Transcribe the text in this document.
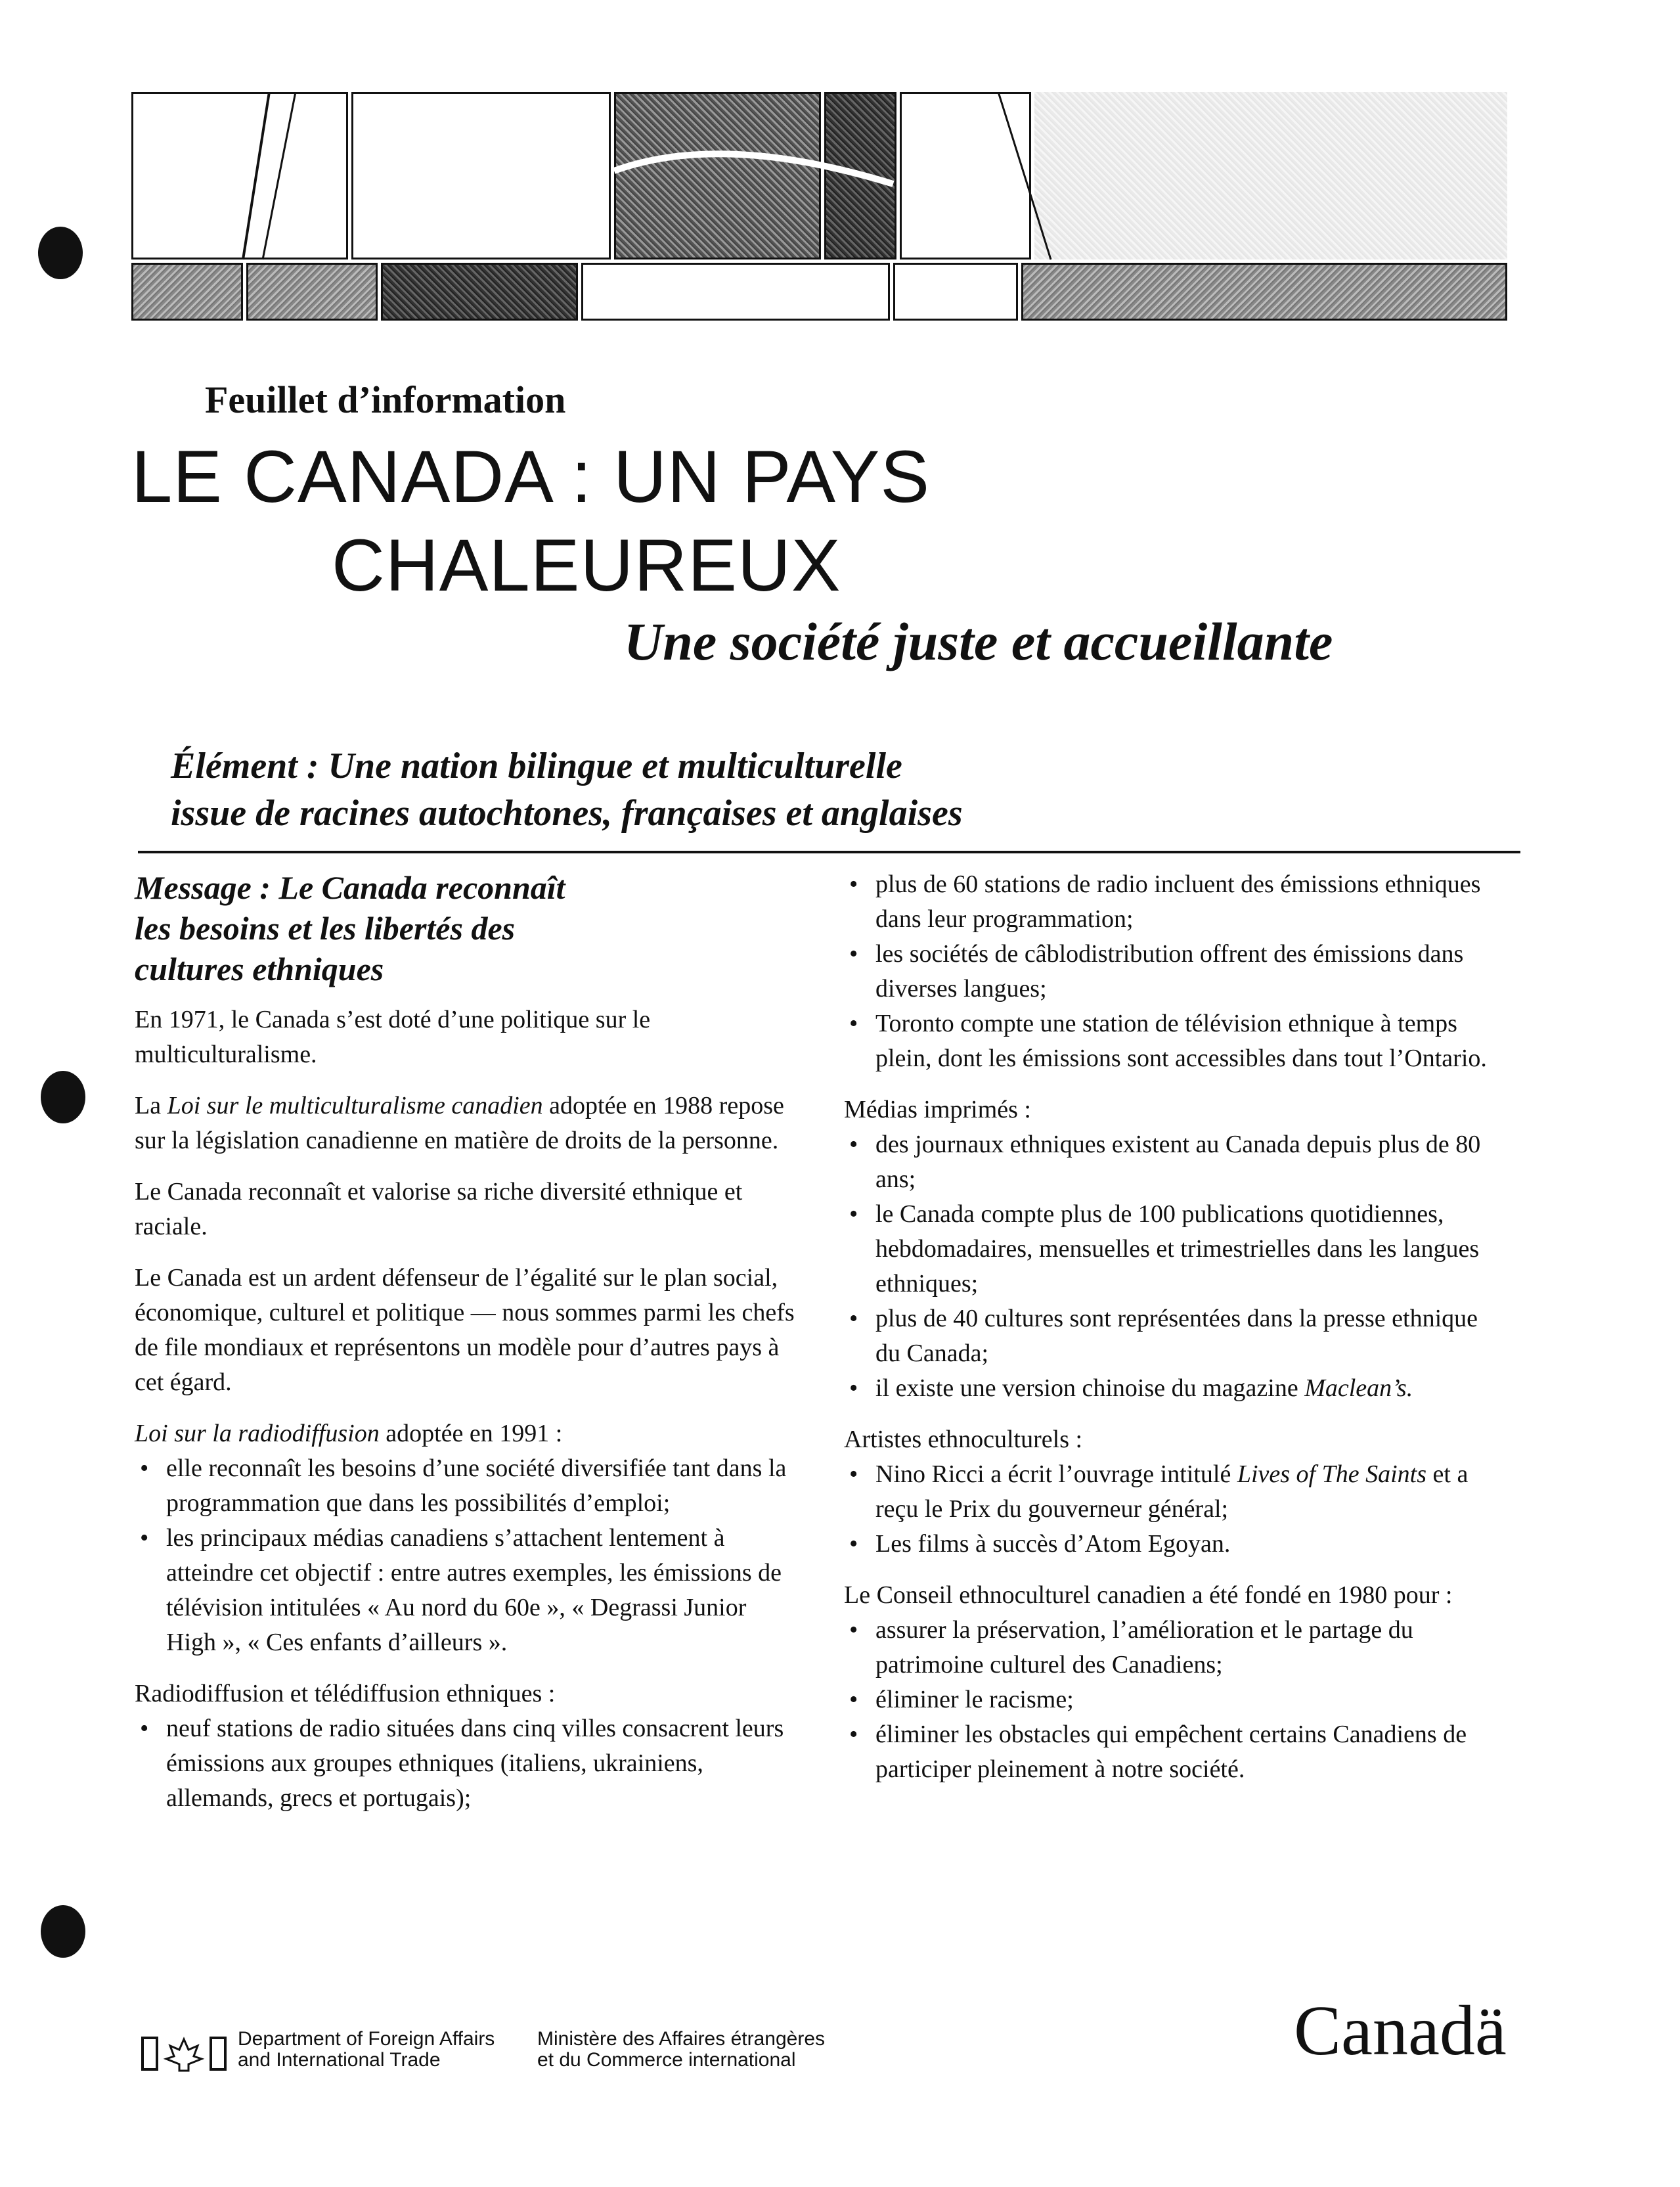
Feuillet d’information
LE CANADA : UN PAYS
CHALEUREUX
Une société juste et accueillante
Élément : Une nation bilingue et multiculturelle
issue de racines autochtones, françaises et anglaises
Message : Le Canada reconnaît
les besoins et les libertés des
cultures ethniques

En 1971, le Canada s’est doté d’une politique sur le multiculturalisme.

La Loi sur le multiculturalisme canadien adoptée en 1988 repose sur la législation canadienne en matière de droits de la personne.

Le Canada reconnaît et valorise sa riche diversité ethnique et raciale.

Le Canada est un ardent défenseur de l’égalité sur le plan social, économique, culturel et politique — nous sommes parmi les chefs de file mondiaux et représentons un modèle pour d’autres pays à cet égard.

Loi sur la radiodiffusion adoptée en 1991 :

• elle reconnaît les besoins d’une société diversifiée tant dans la programmation que dans les possibilités d’emploi;
• les principaux médias canadiens s’attachent lentement à atteindre cet objectif : entre autres exemples, les émissions de télévision intitulées « Au nord du 60e », « Degrassi Junior High », « Ces enfants d’ailleurs ».

Radiodiffusion et télédiffusion ethniques :

• neuf stations de radio situées dans cinq villes consacrent leurs émissions aux groupes ethniques (italiens, ukrainiens, allemands, grecs et portugais);
• plus de 60 stations de radio incluent des émissions ethniques dans leur programmation;
• les sociétés de câblodistribution offrent des émissions dans diverses langues;
• Toronto compte une station de télévision ethnique à temps plein, dont les émissions sont accessibles dans tout l’Ontario.

Médias imprimés :

• des journaux ethniques existent au Canada depuis plus de 80 ans;
• le Canada compte plus de 100 publications quotidiennes, hebdomadaires, mensuelles et trimestrielles dans les langues ethniques;
• plus de 40 cultures sont représentées dans la presse ethnique du Canada;
• il existe une version chinoise du magazine Maclean’s.

Artistes ethnoculturels :

• Nino Ricci a écrit l’ouvrage intitulé Lives of The Saints et a reçu le Prix du gouverneur général;
• Les films à succès d’Atom Egoyan.

Le Conseil ethnoculturel canadien a été fondé en 1980 pour :

• assurer la préservation, l’amélioration et le partage du patrimoine culturel des Canadiens;
• éliminer le racisme;
• éliminer les obstacles qui empêchent certains Canadiens de participer pleinement à notre société.
Department of Foreign Affairs
and International Trade
Ministère des Affaires étrangères
et du Commerce international	Canadä
